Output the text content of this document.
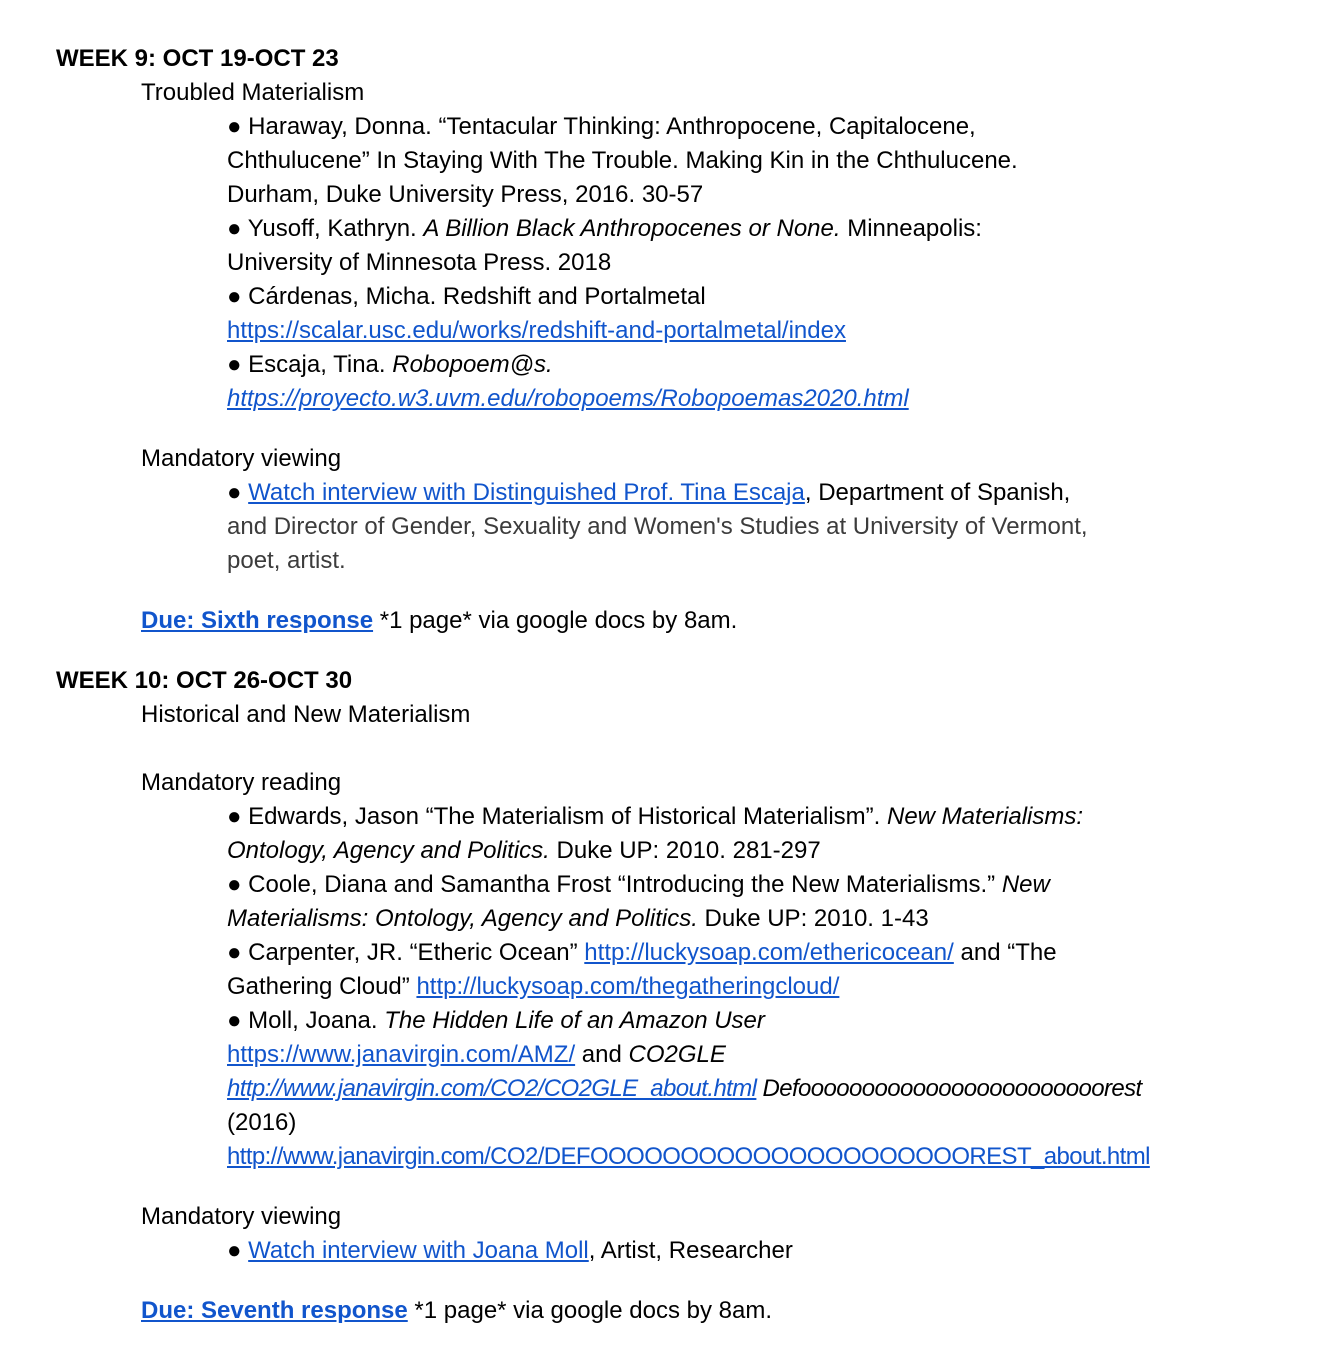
WEEK 9: OCT 19-OCT 23
Troubled Materialism
● Haraway, Donna. “Tentacular Thinking: Anthropocene, Capitalocene,
Chthulucene” In Staying With The Trouble. Making Kin in the Chthulucene.
Durham, Duke University Press, 2016. 30-57
● Yusoff, Kathryn. A Billion Black Anthropocenes or None. Minneapolis:
University of Minnesota Press. 2018
● Cárdenas, Micha. Redshift and Portalmetal
https://scalar.usc.edu/works/redshift-and-portalmetal/index
● Escaja, Tina. Robopoem@s.
https://proyecto.w3.uvm.edu/robopoems/Robopoemas2020.html
Mandatory viewing
● Watch interview with Distinguished Prof. Tina Escaja, Department of Spanish,
and Director of Gender, Sexuality and Women's Studies at University of Vermont,
poet, artist.
Due: Sixth response *1 page* via google docs by 8am.
WEEK 10: OCT 26-OCT 30
Historical and New Materialism
Mandatory reading
● Edwards, Jason “The Materialism of Historical Materialism”. New Materialisms:
Ontology, Agency and Politics. Duke UP: 2010. 281-297
● Coole, Diana and Samantha Frost “Introducing the New Materialisms.” New
Materialisms: Ontology, Agency and Politics. Duke UP: 2010. 1-43
● Carpenter, JR. “Etheric Ocean” http://luckysoap.com/ethericocean/ and “The
Gathering Cloud” http://luckysoap.com/thegatheringcloud/
● Moll, Joana. The Hidden Life of an Amazon User
https://www.janavirgin.com/AMZ/ and CO2GLE
http://www.janavirgin.com/CO2/CO2GLE_about.html Defoooooooooooooooooooooooorest
(2016)
http://www.janavirgin.com/CO2/DEFOOOOOOOOOOOOOOOOOOOOOREST_about.html
Mandatory viewing
● Watch interview with Joana Moll, Artist, Researcher
Due: Seventh response *1 page* via google docs by 8am.
